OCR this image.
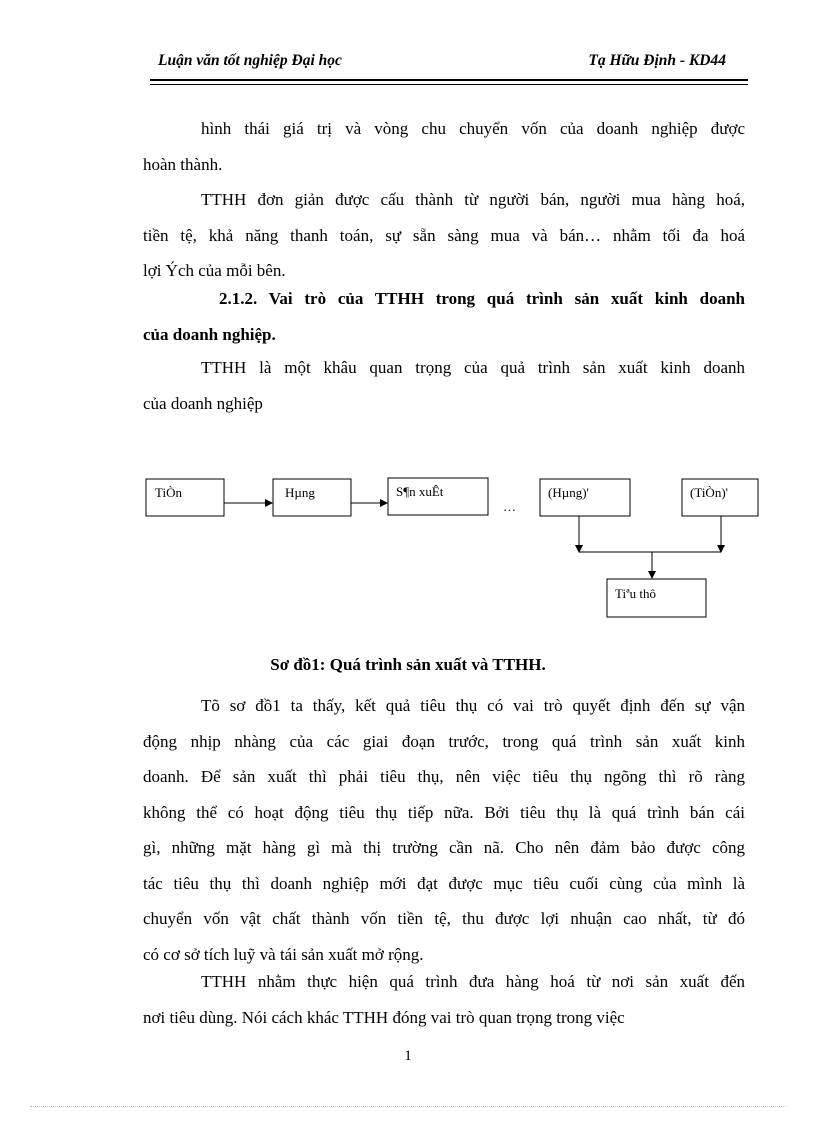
Luận văn tốt nghiệp Đại học	Tạ Hữu Định - KD44

hình thái giá trị và vòng chu chuyển vốn của doanh nghiệp được
hoàn thành.

TTHH đơn giản được cấu thành từ người bán, người mua hàng hoá,
tiền tệ, khả năng thanh toán, sự sẵn sàng mua và bán… nhằm tối đa hoá
lợi Ých của mỗi bên.

2.1.2. Vai trò của TTHH trong quá trình sản xuất kinh doanh
của doanh nghiệp.

TTHH là một khâu quan trọng của quả trình sản xuất kinh doanh
của doanh nghiệp

TiÒn	Hµng	S¶n xuÊt	(Hµng)'	(TiÒn)'
Tiªu thô
…
Sơ đồ1: Quá trình sản xuất và TTHH.

Tõ sơ đồ1 ta thấy, kết quả tiêu thụ có vai trò quyết định đến sự vận
động nhịp nhàng của các giai đoạn trước, trong quá trình sản xuất kinh
doanh. Để sản xuất thì phải tiêu thụ, nên việc tiêu thụ ngõng thì rõ ràng
không thể có hoạt động tiêu thụ tiếp nữa. Bởi tiêu thụ là quá trình bán cái
gì, những mặt hàng gì mà thị trường cần nã. Cho nên đảm bảo được công
tác tiêu thụ thì doanh nghiệp mới đạt được mục tiêu cuối cùng của mình là
chuyển vốn vật chất thành vốn tiền tệ, thu được lợi nhuận cao nhất, từ đó
có cơ sở tích luỹ và tái sản xuất mở rộng.

TTHH nhằm thực hiện quá trình đưa hàng hoá từ nơi sản xuất đến
nơi tiêu dùng. Nói cách khác TTHH đóng vai trò quan trọng trong việc

1
